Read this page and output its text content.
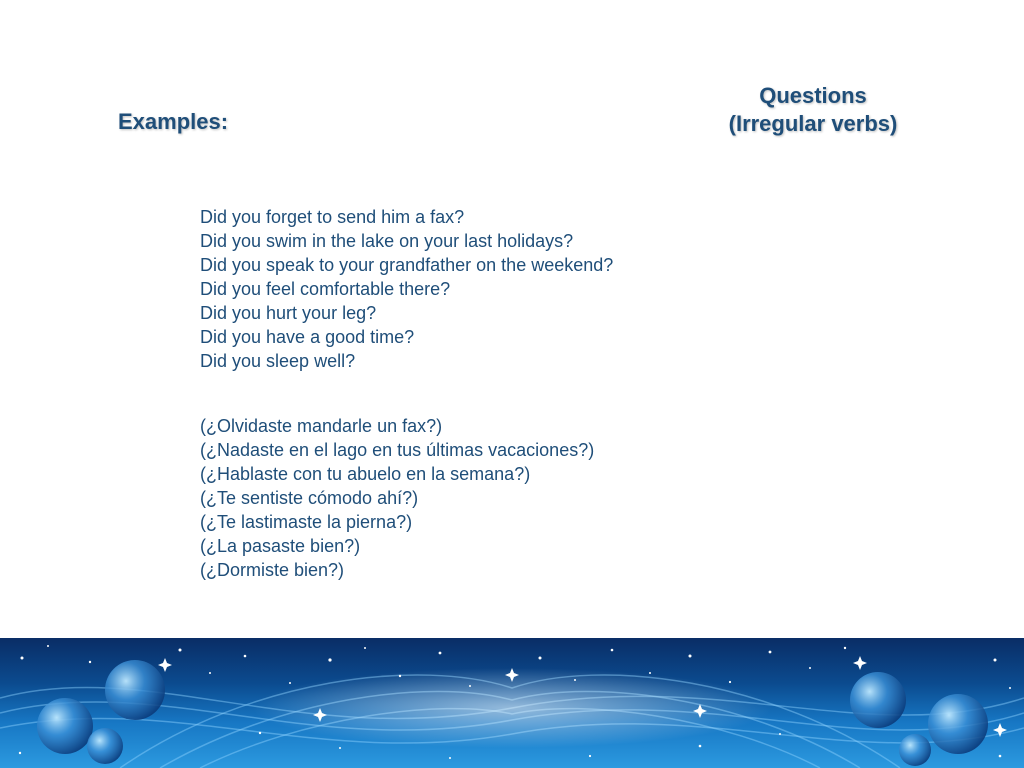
Examples:
Questions
(Irregular verbs)
Did you forget to send him a fax?
Did you swim in the lake on your last holidays?
Did you speak to your grandfather on the weekend?
Did you feel comfortable there?
Did you hurt your leg?
Did you have a good time?
Did you sleep well?
(¿Olvidaste mandarle un fax?)
(¿Nadaste en el lago en tus últimas vacaciones?)
(¿Hablaste con tu abuelo en la semana?)
(¿Te sentiste cómodo ahí?)
(¿Te lastimaste la pierna?)
(¿La pasaste bien?)
(¿Dormiste bien?)
